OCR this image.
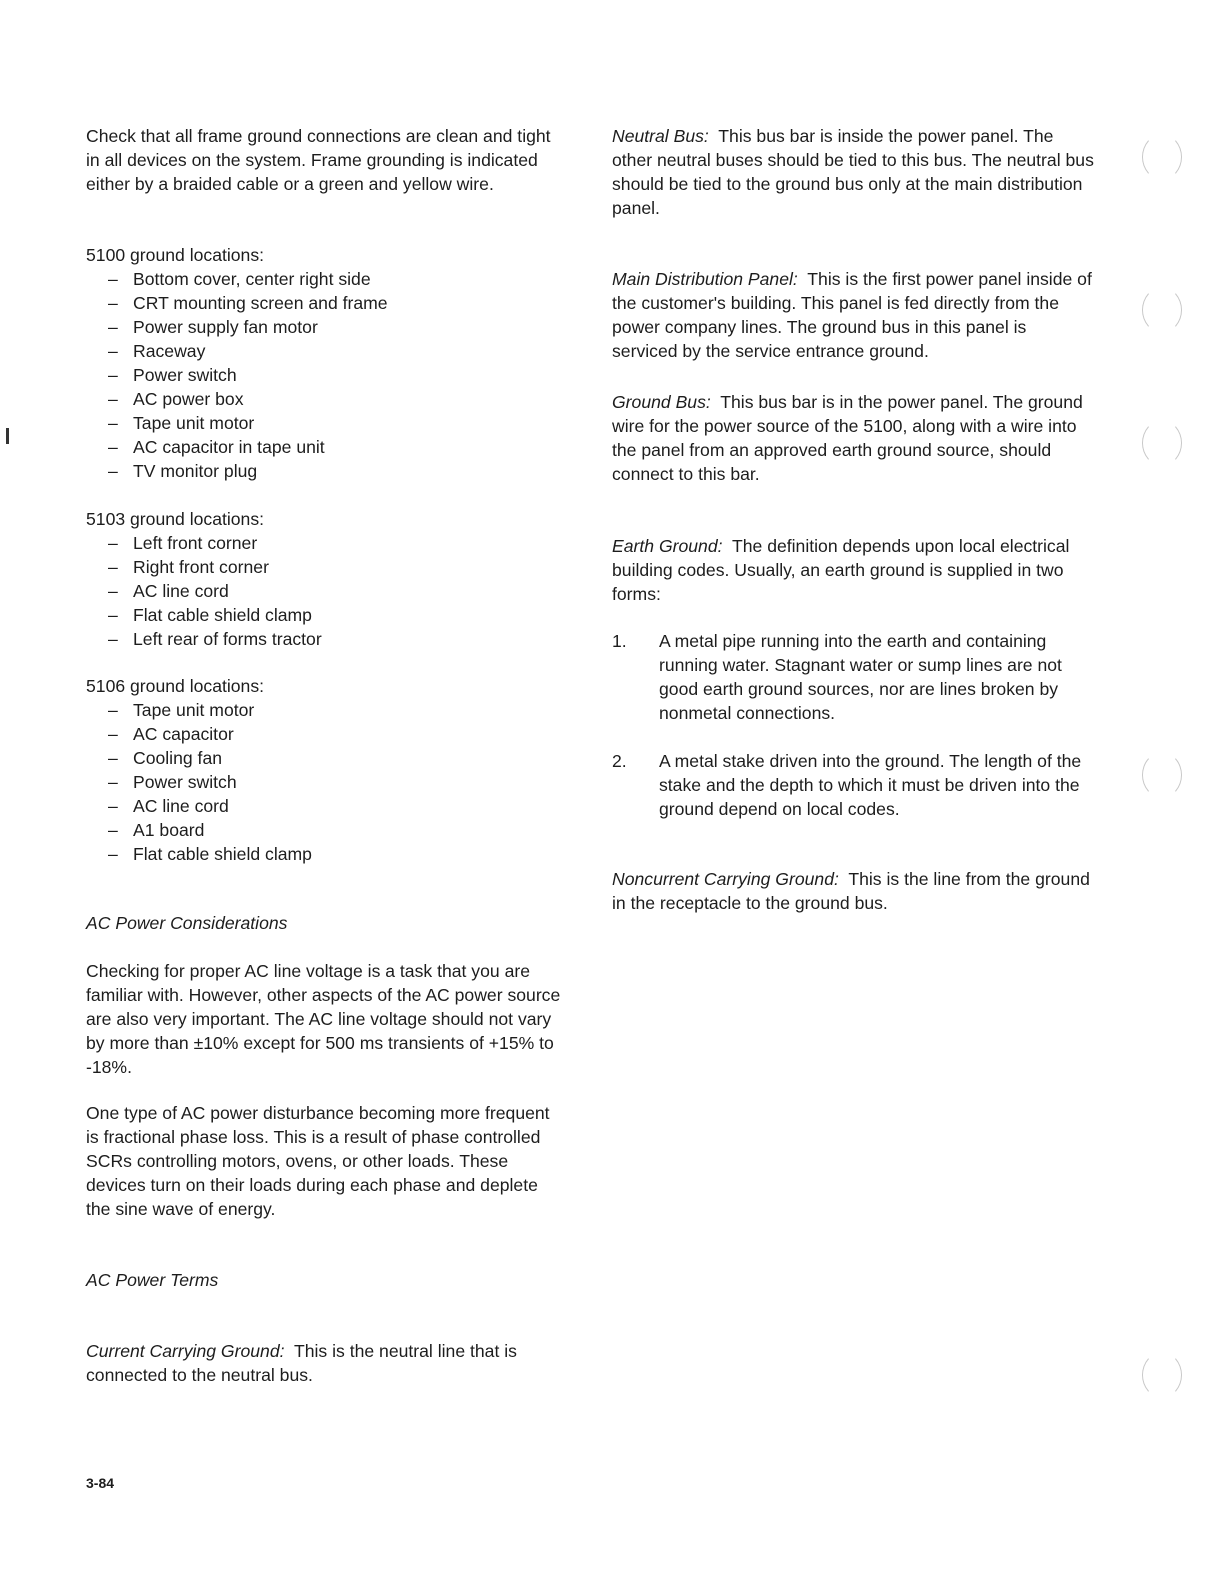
Check that all frame ground connections are clean and tight in all devices on the system. Frame grounding is indicated either by a braided cable or a green and yellow wire.

5100 ground locations:
– Bottom cover, center right side
– CRT mounting screen and frame
– Power supply fan motor
– Raceway
– Power switch
– AC power box
– Tape unit motor
– AC capacitor in tape unit
– TV monitor plug
5103 ground locations:
– Left front corner
– Right front corner
– AC line cord
– Flat cable shield clamp
– Left rear of forms tractor
5106 ground locations:
– Tape unit motor
– AC capacitor
– Cooling fan
– Power switch
– AC line cord
– A1 board
– Flat cable shield clamp
AC Power Considerations

Checking for proper AC line voltage is a task that you are familiar with. However, other aspects of the AC power source are also very important. The AC line voltage should not vary by more than ±10% except for 500 ms transients of +15% to -18%.

One type of AC power disturbance becoming more frequent is fractional phase loss. This is a result of phase controlled SCRs controlling motors, ovens, or other loads. These devices turn on their loads during each phase and deplete the sine wave of energy.

AC Power Terms

Current Carrying Ground: This is the neutral line that is connected to the neutral bus.

Neutral Bus: This bus bar is inside the power panel. The other neutral buses should be tied to this bus. The neutral bus should be tied to the ground bus only at the main distribution panel.

Main Distribution Panel: This is the first power panel inside of the customer's building. This panel is fed directly from the power company lines. The ground bus in this panel is serviced by the service entrance ground.

Ground Bus: This bus bar is in the power panel. The ground wire for the power source of the 5100, along with a wire into the panel from an approved earth ground source, should connect to this bar.

Earth Ground: The definition depends upon local electrical building codes. Usually, an earth ground is supplied in two forms:

1. A metal pipe running into the earth and containing running water. Stagnant water or sump lines are not good earth ground sources, nor are lines broken by nonmetal connections.
2. A metal stake driven into the ground. The length of the stake and the depth to which it must be driven into the ground depend on local codes.

Noncurrent Carrying Ground: This is the line from the ground in the receptacle to the ground bus.

3-84
